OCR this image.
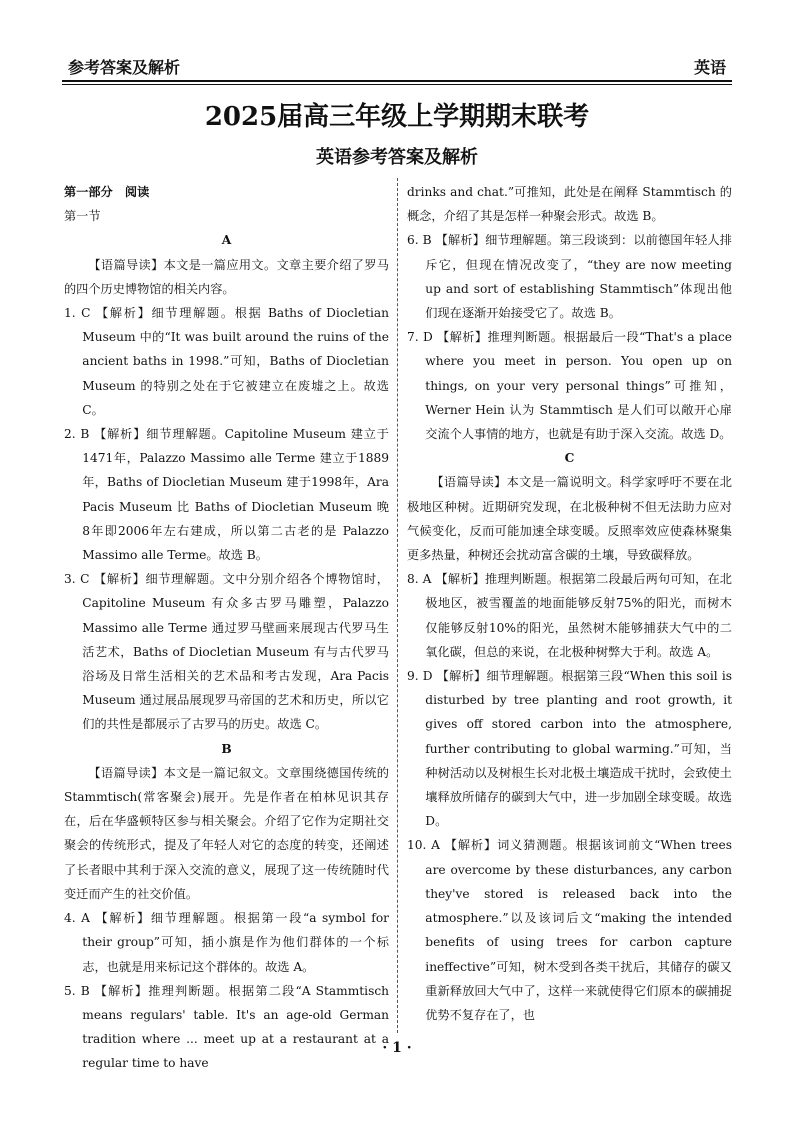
参考答案及解析	英语
2025届高三年级上学期期末联考
英语参考答案及解析

第一部分　阅读

第一节

A

【语篇导读】本文是一篇应用文。文章主要介绍了罗马的四个历史博物馆的相关内容。

1. C 【解析】细节理解题。根据 Baths of Diocletian Museum 中的“It was built around the ruins of the ancient baths in 1998.”可知，Baths of Diocletian Museum 的特别之处在于它被建立在废墟之上。故选 C。

2. B 【解析】细节理解题。Capitoline Museum 建立于1471年，Palazzo Massimo alle Terme 建立于1889年，Baths of Diocletian Museum 建于1998年，Ara Pacis Museum 比 Baths of Diocletian Museum 晚8年即2006年左右建成，所以第二古老的是 Palazzo Massimo alle Terme。故选 B。

3. C 【解析】细节理解题。文中分别介绍各个博物馆时，Capitoline Museum 有众多古罗马雕塑，Palazzo Massimo alle Terme 通过罗马壁画来展现古代罗马生活艺术，Baths of Diocletian Museum 有与古代罗马浴场及日常生活相关的艺术品和考古发现，Ara Pacis Museum 通过展品展现罗马帝国的艺术和历史，所以它们的共性是都展示了古罗马的历史。故选 C。

B

【语篇导读】本文是一篇记叙文。文章围绕德国传统的 Stammtisch(常客聚会)展开。先是作者在柏林见识其存在，后在华盛顿特区参与相关聚会。介绍了它作为定期社交聚会的传统形式，提及了年轻人对它的态度的转变，还阐述了长者眼中其利于深入交流的意义，展现了这一传统随时代变迁而产生的社交价值。

4. A 【解析】细节理解题。根据第一段“a symbol for their group”可知，插小旗是作为他们群体的一个标志，也就是用来标记这个群体的。故选 A。

5. B 【解析】推理判断题。根据第二段“A Stammtisch means regulars' table. It's an age-old German tradition where ... meet up at a restaurant at a regular time to have

drinks and chat.”可推知，此处是在阐释 Stammtisch 的概念，介绍了其是怎样一种聚会形式。故选 B。

6. B 【解析】细节理解题。第三段谈到：以前德国年轻人排斥它，但现在情况改变了，“they are now meeting up and sort of establishing Stammtisch”体现出他们现在逐渐开始接受它了。故选 B。

7. D 【解析】推理判断题。根据最后一段“That's a place where you meet in person. You open up on things, on your very personal things”可推知，Werner Hein 认为 Stammtisch 是人们可以敞开心扉交流个人事情的地方，也就是有助于深入交流。故选 D。

C

【语篇导读】本文是一篇说明文。科学家呼吁不要在北极地区种树。近期研究发现，在北极种树不但无法助力应对气候变化，反而可能加速全球变暖。反照率效应使森林聚集更多热量，种树还会扰动富含碳的土壤，导致碳释放。

8. A 【解析】推理判断题。根据第二段最后两句可知，在北极地区，被雪覆盖的地面能够反射75%的阳光，而树木仅能够反射10%的阳光，虽然树木能够捕获大气中的二氧化碳，但总的来说，在北极种树弊大于利。故选 A。

9. D 【解析】细节理解题。根据第三段“When this soil is disturbed by tree planting and root growth, it gives off stored carbon into the atmosphere, further contributing to global warming.”可知，当种树活动以及树根生长对北极土壤造成干扰时，会致使土壤释放所储存的碳到大气中，进一步加剧全球变暖。故选 D。

10. A 【解析】词义猜测题。根据该词前文“When trees are overcome by these disturbances, any carbon they've stored is released back into the atmosphere.”以及该词后文“making the intended benefits of using trees for carbon capture ineffective”可知，树木受到各类干扰后，其储存的碳又重新释放回大气中了，这样一来就使得它们原本的碳捕捉优势不复存在了，也

· 1 ·
